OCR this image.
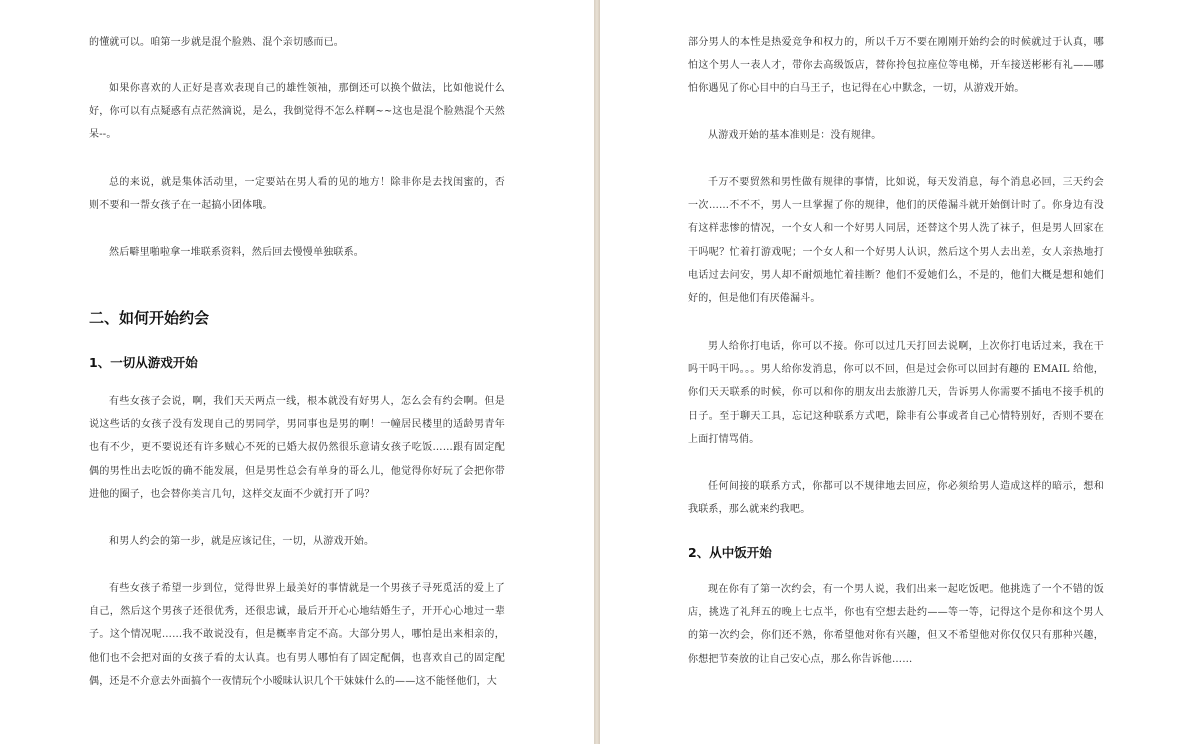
的懂就可以。咱第一步就是混个脸熟、混个亲切感而已。

如果你喜欢的人正好是喜欢表现自己的雄性领袖，那倒还可以换个做法，比如他说什么好，你可以有点疑惑有点茫然滴说，是么，我倒觉得不怎么样啊~~这也是混个脸熟混个天然呆--。

总的来说，就是集体活动里，一定要站在男人看的见的地方！除非你是去找闺蜜的，否则不要和一帮女孩子在一起搞小团体哦。

然后噼里啪啦拿一堆联系资料，然后回去慢慢单独联系。

二、如何开始约会
1、一切从游戏开始

有些女孩子会说，啊，我们天天两点一线，根本就没有好男人，怎么会有约会啊。但是说这些话的女孩子没有发现自己的男同学，男同事也是男的啊！一幢居民楼里的适龄男青年也有不少，更不要说还有许多贼心不死的已婚大叔仍然很乐意请女孩子吃饭……跟有固定配偶的男性出去吃饭的确不能发展，但是男性总会有单身的哥么儿，他觉得你好玩了会把你带进他的圈子，也会替你美言几句，这样交友面不少就打开了吗？

和男人约会的第一步，就是应该记住，一切，从游戏开始。

有些女孩子希望一步到位，觉得世界上最美好的事情就是一个男孩子寻死觅活的爱上了自己，然后这个男孩子还很优秀，还很忠诚，最后开开心心地结婚生子，开开心心地过一辈子。这个情况呢……我不敢说没有，但是概率肯定不高。大部分男人，哪怕是出来相亲的，他们也不会把对面的女孩子看的太认真。也有男人哪怕有了固定配偶，也喜欢自己的固定配偶，还是不介意去外面搞个一夜情玩个小暧昧认识几个干妹妹什么的——这不能怪他们，大

部分男人的本性是热爱竞争和权力的，所以千万不要在刚刚开始约会的时候就过于认真，哪怕这个男人一表人才，带你去高级饭店，替你拎包拉座位等电梯，开车接送彬彬有礼——哪怕你遇见了你心目中的白马王子，也记得在心中默念，一切，从游戏开始。

从游戏开始的基本准则是：没有规律。

千万不要贸然和男性做有规律的事情，比如说，每天发消息，每个消息必回，三天约会一次……不不不，男人一旦掌握了你的规律，他们的厌倦漏斗就开始倒计时了。你身边有没有这样悲惨的情况，一个女人和一个好男人同居，还替这个男人洗了袜子，但是男人回家在干吗呢？忙着打游戏呢；一个女人和一个好男人认识，然后这个男人去出差，女人亲热地打电话过去问安，男人却不耐烦地忙着挂断？他们不爱她们么，不是的，他们大概是想和她们好的，但是他们有厌倦漏斗。

男人给你打电话，你可以不接。你可以过几天打回去说啊，上次你打电话过来，我在干吗干吗干吗。。。男人给你发消息，你可以不回，但是过会你可以回封有趣的 EMAIL 给他，你们天天联系的时候，你可以和你的朋友出去旅游几天，告诉男人你需要不插电不接手机的日子。至于聊天工具，忘记这种联系方式吧，除非有公事或者自己心情特别好，否则不要在上面打情骂俏。

任何间接的联系方式，你都可以不规律地去回应，你必须给男人造成这样的暗示，想和我联系，那么就来约我吧。

2、从中饭开始

现在你有了第一次约会，有一个男人说，我们出来一起吃饭吧。他挑选了一个不错的饭店，挑选了礼拜五的晚上七点半，你也有空想去赴约——等一等，记得这个是你和这个男人的第一次约会，你们还不熟，你希望他对你有兴趣，但又不希望他对你仅仅只有那种兴趣，你想把节奏放的让自己安心点，那么你告诉他……
